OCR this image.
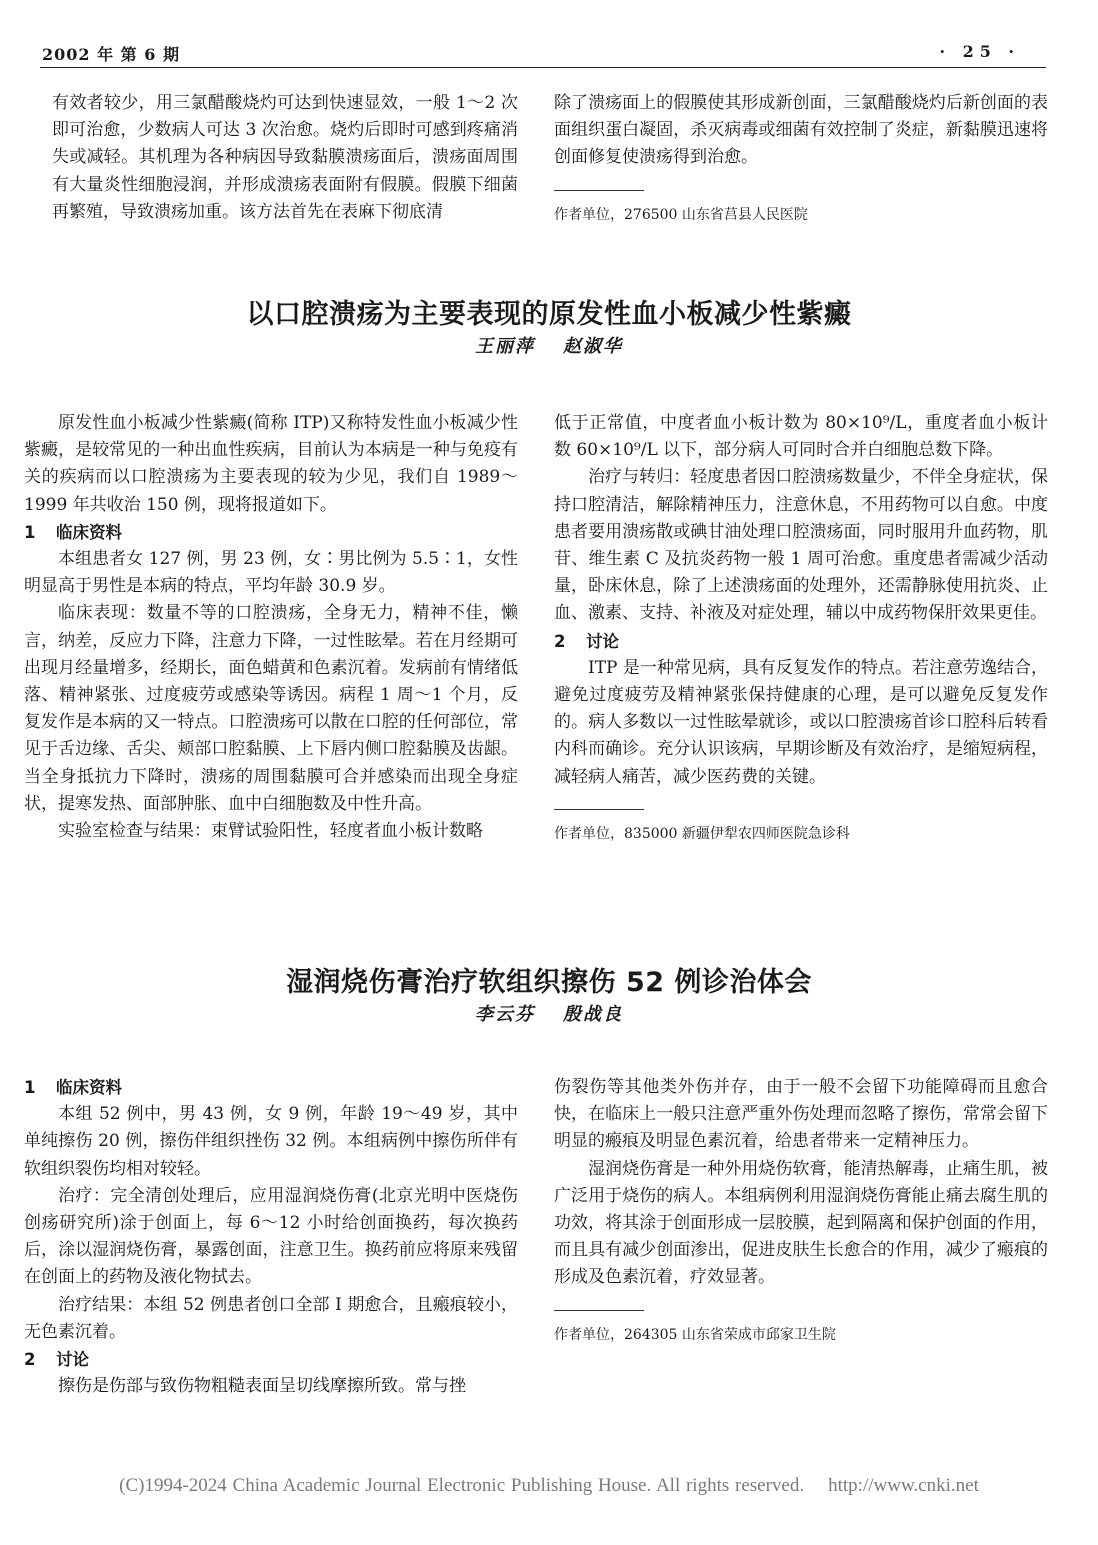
2002 年 第 6 期	· 25 ·

有效者较少，用三氯醋酸烧灼可达到快速显效，一般 1～2 次即可治愈，少数病人可达 3 次治愈。烧灼后即时可感到疼痛消失或减轻。其机理为各种病因导致黏膜溃疡面后，溃疡面周围有大量炎性细胞浸润，并形成溃疡表面附有假膜。假膜下细菌再繁殖，导致溃疡加重。该方法首先在表麻下彻底清

除了溃疡面上的假膜使其形成新创面，三氯醋酸烧灼后新创面的表面组织蛋白凝固，杀灭病毒或细菌有效控制了炎症，新黏膜迅速将创面修复使溃疡得到治愈。

作者单位，276500 山东省莒县人民医院

以口腔溃疡为主要表现的原发性血小板减少性紫癜
王丽萍 赵淑华

原发性血小板减少性紫癜(简称 ITP)又称特发性血小板减少性紫癜，是较常见的一种出血性疾病，目前认为本病是一种与免疫有关的疾病而以口腔溃疡为主要表现的较为少见，我们自 1989～1999 年共收治 150 例，现将报道如下。

1 临床资料

本组患者女 127 例，男 23 例，女∶男比例为 5.5∶1，女性明显高于男性是本病的特点，平均年龄 30.9 岁。

临床表现：数量不等的口腔溃疡，全身无力，精神不佳，懒言，纳差，反应力下降，注意力下降，一过性眩晕。若在月经期可出现月经量增多，经期长，面色蜡黄和色素沉着。发病前有情绪低落、精神紧张、过度疲劳或感染等诱因。病程 1 周～1 个月，反复发作是本病的又一特点。口腔溃疡可以散在口腔的任何部位，常见于舌边缘、舌尖、颊部口腔黏膜、上下唇内侧口腔黏膜及齿龈。当全身抵抗力下降时，溃疡的周围黏膜可合并感染而出现全身症状，提寒发热、面部肿胀、血中白细胞数及中性升高。

实验室检查与结果：束臂试验阳性，轻度者血小板计数略

低于正常值，中度者血小板计数为 80×10⁹/L，重度者血小板计数 60×10⁹/L 以下，部分病人可同时合并白细胞总数下降。

治疗与转归：轻度患者因口腔溃疡数量少，不伴全身症状，保持口腔清洁，解除精神压力，注意休息，不用药物可以自愈。中度患者要用溃疡散或碘甘油处理口腔溃疡面，同时服用升血药物，肌苷、维生素 C 及抗炎药物一般 1 周可治愈。重度患者需减少活动量，卧床休息，除了上述溃疡面的处理外，还需静脉使用抗炎、止血、激素、支持、补液及对症处理，辅以中成药物保肝效果更佳。

2 讨论

ITP 是一种常见病，具有反复发作的特点。若注意劳逸结合，避免过度疲劳及精神紧张保持健康的心理，是可以避免反复发作的。病人多数以一过性眩晕就诊，或以口腔溃疡首诊口腔科后转看内科而确诊。充分认识该病，早期诊断及有效治疗，是缩短病程，减轻病人痛苦，减少医药费的关键。

作者单位，835000 新疆伊犁农四师医院急诊科

湿润烧伤膏治疗软组织擦伤 52 例诊治体会
李云芬 殷战良

1 临床资料

本组 52 例中，男 43 例，女 9 例，年龄 19～49 岁，其中单纯擦伤 20 例，擦伤伴组织挫伤 32 例。本组病例中擦伤所伴有软组织裂伤均相对较轻。

治疗：完全清创处理后，应用湿润烧伤膏(北京光明中医烧伤创疡研究所)涂于创面上，每 6～12 小时给创面换药，每次换药后，涂以湿润烧伤膏，暴露创面，注意卫生。换药前应将原来残留在创面上的药物及液化物拭去。

治疗结果：本组 52 例患者创口全部 Ⅰ 期愈合，且瘢痕较小，无色素沉着。

2 讨论

擦伤是伤部与致伤物粗糙表面呈切线摩擦所致。常与挫

伤裂伤等其他类外伤并存，由于一般不会留下功能障碍而且愈合快，在临床上一般只注意严重外伤处理而忽略了擦伤，常常会留下明显的瘢痕及明显色素沉着，给患者带来一定精神压力。

湿润烧伤膏是一种外用烧伤软膏，能清热解毒，止痛生肌，被广泛用于烧伤的病人。本组病例利用湿润烧伤膏能止痛去腐生肌的功效，将其涂于创面形成一层胶膜，起到隔离和保护创面的作用，而且具有减少创面渗出，促进皮肤生长愈合的作用，减少了瘢痕的形成及色素沉着，疗效显著。

作者单位，264305 山东省荣成市邱家卫生院

(C)1994-2024 China Academic Journal Electronic Publishing House. All rights reserved. http://www.cnki.net
